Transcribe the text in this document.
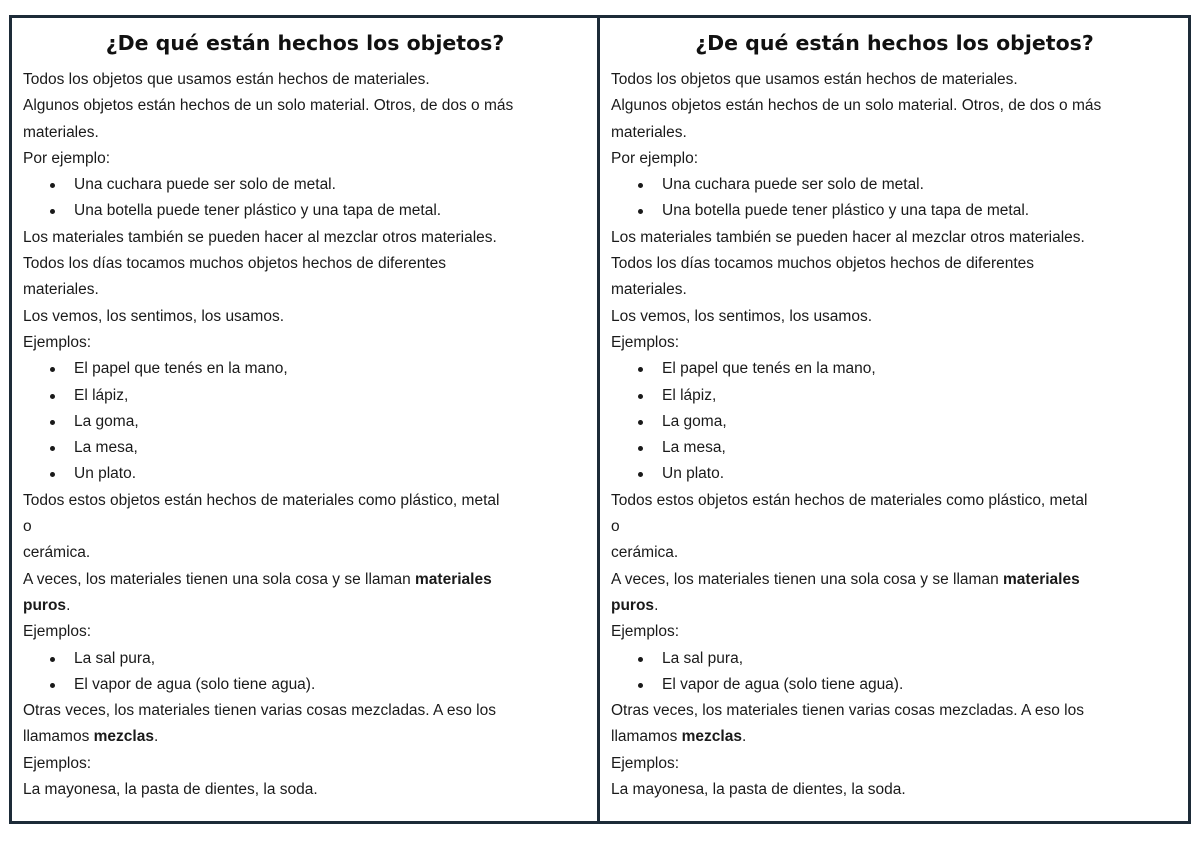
¿De qué están hechos los objetos?

Todos los objetos que usamos están hechos de materiales.

Algunos objetos están hechos de un solo material. Otros, de dos o más

materiales.

Por ejemplo:

Una cuchara puede ser solo de metal.
Una botella puede tener plástico y una tapa de metal.

Los materiales también se pueden hacer al mezclar otros materiales.

Todos los días tocamos muchos objetos hechos de diferentes

materiales.

Los vemos, los sentimos, los usamos.

Ejemplos:

El papel que tenés en la mano,
El lápiz,
La goma,
La mesa,
Un plato.

Todos estos objetos están hechos de materiales como plástico, metal

o

cerámica.

A veces, los materiales tienen una sola cosa y se llaman materiales

puros.

Ejemplos:

La sal pura,
El vapor de agua (solo tiene agua).

Otras veces, los materiales tienen varias cosas mezcladas. A eso los

llamamos mezclas.

Ejemplos:

La mayonesa, la pasta de dientes, la soda.

¿De qué están hechos los objetos?

Todos los objetos que usamos están hechos de materiales.

Algunos objetos están hechos de un solo material. Otros, de dos o más

materiales.

Por ejemplo:

Una cuchara puede ser solo de metal.
Una botella puede tener plástico y una tapa de metal.

Los materiales también se pueden hacer al mezclar otros materiales.

Todos los días tocamos muchos objetos hechos de diferentes

materiales.

Los vemos, los sentimos, los usamos.

Ejemplos:

El papel que tenés en la mano,
El lápiz,
La goma,
La mesa,
Un plato.

Todos estos objetos están hechos de materiales como plástico, metal

o

cerámica.

A veces, los materiales tienen una sola cosa y se llaman materiales

puros.

Ejemplos:

La sal pura,
El vapor de agua (solo tiene agua).

Otras veces, los materiales tienen varias cosas mezcladas. A eso los

llamamos mezclas.

Ejemplos:

La mayonesa, la pasta de dientes, la soda.
